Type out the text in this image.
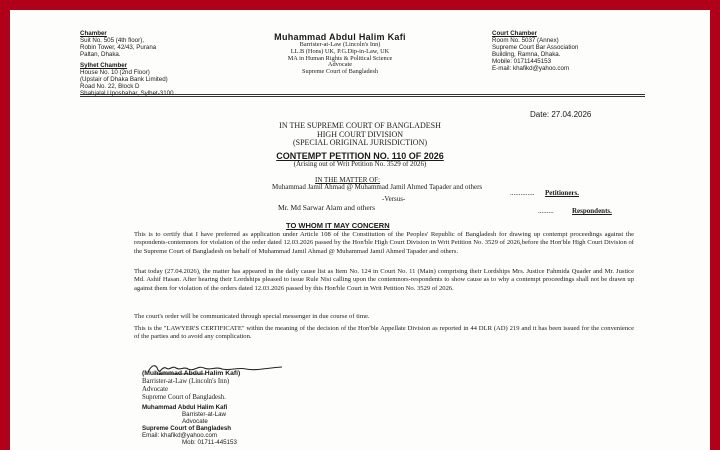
Chamber
Suit No. 505 (4th floor),
Robin Tower, 42/43, Purana
Paltan, Dhaka.
Sylhet Chamber
House No. 10 (2nd Floor)
(Upstair of Dhaka Bank Limited)
Road No. 22, Block D

Muhammad Abdul Halim Kafi
Barrister-at-Law (Lincoln's Inn)
LL.B (Hons) UK, P.G.Dip-in-Law, UK
MA in Human Rights & Political Science
Advocate
Supreme Court of Bangladesh
Court Chamber
Room No. 5037 (Annex)
Supreme Court Bar Association
Building, Ramna, Dhaka.
Mobile: 01711445153
E-mail: khafikd@yahoo.com
Date: 27.04.2026
IN THE SUPREME COURT OF BANGLADESH
HIGH COURT DIVISION
(SPECIAL ORIGINAL JURISDICTION)
CONTEMPT PETITION NO. 110 OF 2026
(Arising out of Writ Petition No. 3529 of 2026)
IN THE MATTER OF:
Muhammad Jamil Ahmad @ Muhammad Jamil Ahmed Tapader and others
.............. Petitioners.
-Versus-
Mr. Md Sarwar Alam and others	.........	Respondents.
TO WHOM IT MAY CONCERN
This is to certify that I have preferred as application under Article 108 of the Constitution of the Peoples' Republic of Bangladesh for drawing up contempt proceedings against the respondents-contemnors for violation of the order dated 12.03.2026 passed by the Hon'ble High Court Division in Writ Petition No. 3529 of 2026,before the Hon'ble High Court Division of the Supreme Court of Bangladesh on behalf of Muhammad Jamil Ahmad @ Muhammad Jamil Ahmed Tapader and others.
That today (27.04.2026), the matter has appeared in the daily cause list as Item No. 124 in Court No. 11 (Main) comprising their Lordships Mrs. Justice Fahmida Quader and Mr. Justice Md. Ashif Hasan. After hearing their Lordships pleased to issue Rule Nisi calling upon the contemnors-respondents to show cause as to why a contempt proceedings shall not be drawn up against them for violation of the orders dated 12.03.2026 passed by this Hon'ble Court in Writ Petition No. 3529 of 2026.
The court's order will be communicated through special messenger in due course of time.
This is the "LAWYER'S CERTIFICATE" within the meaning of the decision of the Hon'ble Appellate Division as reported in 44 DLR (AD) 219 and it has been issued for the convenience of the parties and to avoid any complication.
(Muhammad Abdul Halim Kafi)
Barrister-at-Law (Lincoln's Inn)
Advocate
Supreme Court of Bangladesh.
Muhammad Abdul Halim Kafi
Barrister-at-Law
Advocate
Supreme Court of Bangladesh
Email: khafikd@yahoo.com
Mob: 01711-445153
